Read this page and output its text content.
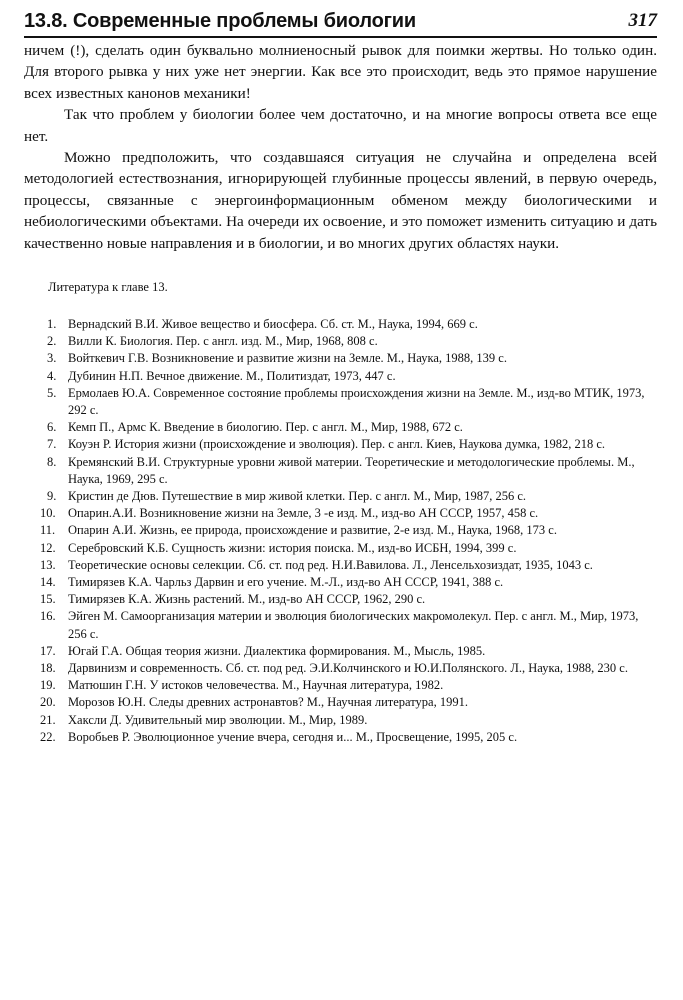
13.8. Современные проблемы биологии	317

ничем (!), сделать один буквально молниеносный рывок для поимки жертвы. Но только один. Для второго рывка у них уже нет энергии. Как все это происходит, ведь это прямое нарушение всех известных канонов механики!

Так что проблем у биологии более чем достаточно, и на многие вопросы ответа все еще нет.

Можно предположить, что создавшаяся ситуация не случайна и определена всей методологией естествознания, игнорирующей глубинные процессы явлений, в первую очередь, процессы, связанные с энергоинформационным обменом между биологическими и небиологическими объектами. На очереди их освоение, и это поможет изменить ситуацию и дать качественно новые направления и в биологии, и во многих других областях науки.

Литература к главе 13.
1. Вернадский В.И. Живое вещество и биосфера. Сб. ст. М., Наука, 1994, 669 с.
2. Вилли К. Биология. Пер. с англ. изд. М., Мир, 1968, 808 с.
3. Войткевич Г.В. Возникновение и развитие жизни на Земле. М., Наука, 1988, 139 с.
4. Дубинин Н.П. Вечное движение. М., Политиздат, 1973, 447 с.
5. Ермолаев Ю.А. Современное состояние проблемы происхождения жизни на Земле. М., изд-во МТИК, 1973, 292 с.
6. Кемп П., Армс К. Введение в биологию. Пер. с англ. М., Мир, 1988, 672 с.
7. Коуэн Р. История жизни (происхождение и эволюция). Пер. с англ. Киев, Наукова думка, 1982, 218 с.
8. Кремянский В.И. Структурные уровни живой материи. Теоретические и методологические проблемы. М., Наука, 1969, 295 с.
9. Кристин де Дюв. Путешествие в мир живой клетки. Пер. с англ. М., Мир, 1987, 256 с.
10. Опарин.А.И. Возникновение жизни на Земле, 3 -е изд. М., изд-во АН СССР, 1957, 458 с.
11. Опарин А.И. Жизнь, ее природа, происхождение и развитие, 2-е изд. М., Наука, 1968, 173 с.
12. Серебровский К.Б. Сущность жизни: история поиска. М., изд-во ИСБН, 1994, 399 с.
13. Теоретические основы селекции. Сб. ст. под ред. Н.И.Вавилова. Л., Ленсельхозиздат, 1935, 1043 с.
14. Тимирязев К.А. Чарльз Дарвин и его учение. М.-Л., изд-во АН СССР, 1941, 388 с.
15. Тимирязев К.А. Жизнь растений. М., изд-во АН СССР, 1962, 290 с.
16. Эйген М. Самоорганизация материи и эволюция биологических макромолекул. Пер. с англ. М., Мир, 1973, 256 с.
17. Югай Г.А. Общая теория жизни. Диалектика формирования. М., Мысль, 1985.
18. Дарвинизм и современность. Сб. ст. под ред. Э.И.Колчинского и Ю.И.Полянского. Л., Наука, 1988, 230 с.
19. Матюшин Г.Н. У истоков человечества. М., Научная литература, 1982.
20. Морозов Ю.Н. Следы древних астронавтов? М., Научная литература, 1991.
21. Хаксли Д. Удивительный мир эволюции. М., Мир, 1989.
22. Воробьев Р. Эволюционное учение вчера, сегодня и... М., Просвещение, 1995, 205 с.
